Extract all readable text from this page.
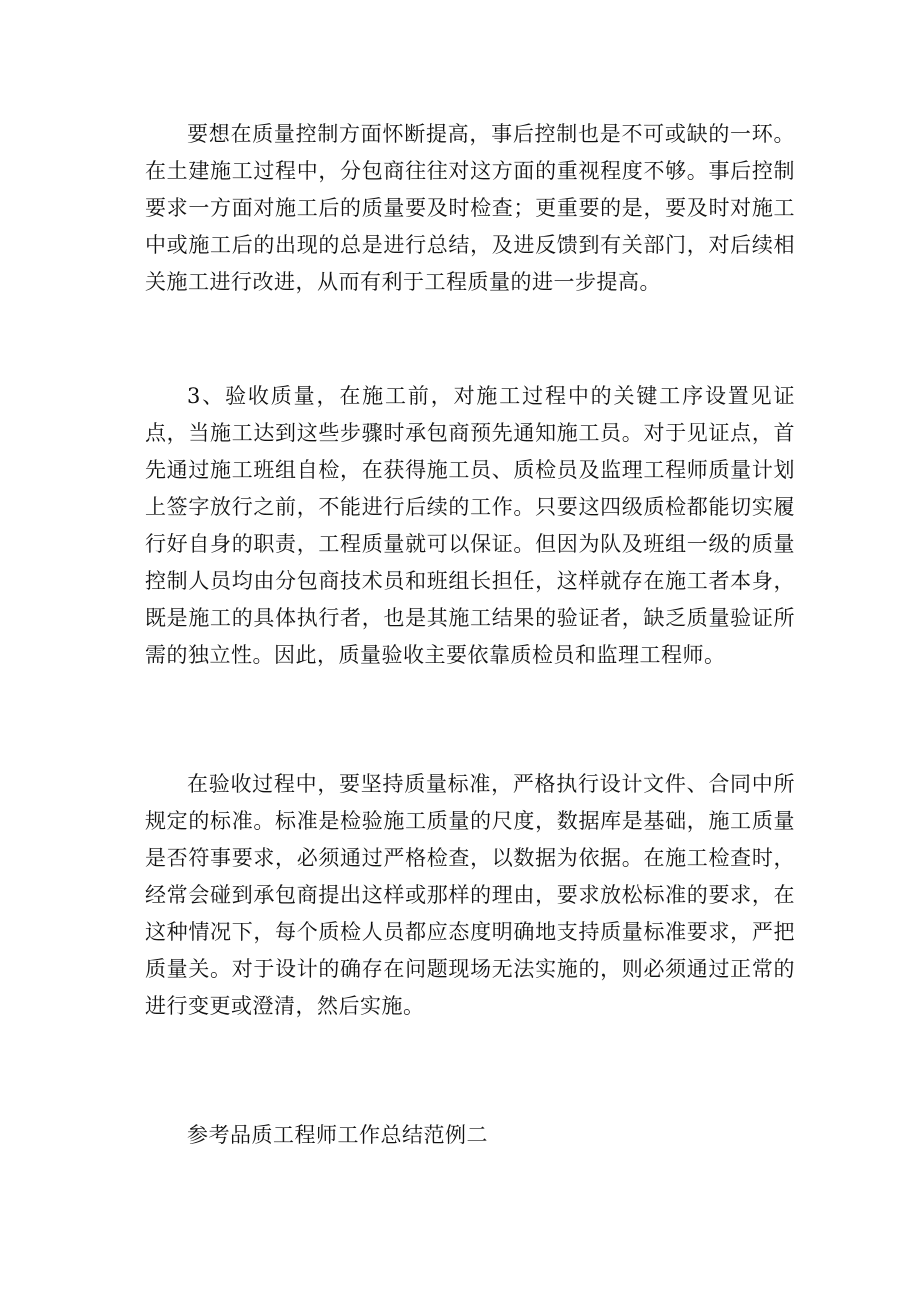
要想在质量控制方面怀断提高，事后控制也是不可或缺的一环。在土建施工过程中，分包商往往对这方面的重视程度不够。事后控制要求一方面对施工后的质量要及时检查；更重要的是，要及时对施工中或施工后的出现的总是进行总结，及进反馈到有关部门，对后续相关施工进行改进，从而有利于工程质量的进一步提高。

3、验收质量，在施工前，对施工过程中的关键工序设置见证点，当施工达到这些步骤时承包商预先通知施工员。对于见证点，首先通过施工班组自检，在获得施工员、质检员及监理工程师质量计划上签字放行之前，不能进行后续的工作。只要这四级质检都能切实履行好自身的职责，工程质量就可以保证。但因为队及班组一级的质量控制人员均由分包商技术员和班组长担任，这样就存在施工者本身，既是施工的具体执行者，也是其施工结果的验证者，缺乏质量验证所需的独立性。因此，质量验收主要依靠质检员和监理工程师。

在验收过程中，要坚持质量标准，严格执行设计文件、合同中所规定的标准。标准是检验施工质量的尺度，数据库是基础，施工质量是否符事要求，必须通过严格检查，以数据为依据。在施工检查时，经常会碰到承包商提出这样或那样的理由，要求放松标准的要求，在这种情况下，每个质检人员都应态度明确地支持质量标准要求，严把质量关。对于设计的确存在问题现场无法实施的，则必须通过正常的进行变更或澄清，然后实施。

参考品质工程师工作总结范例二
